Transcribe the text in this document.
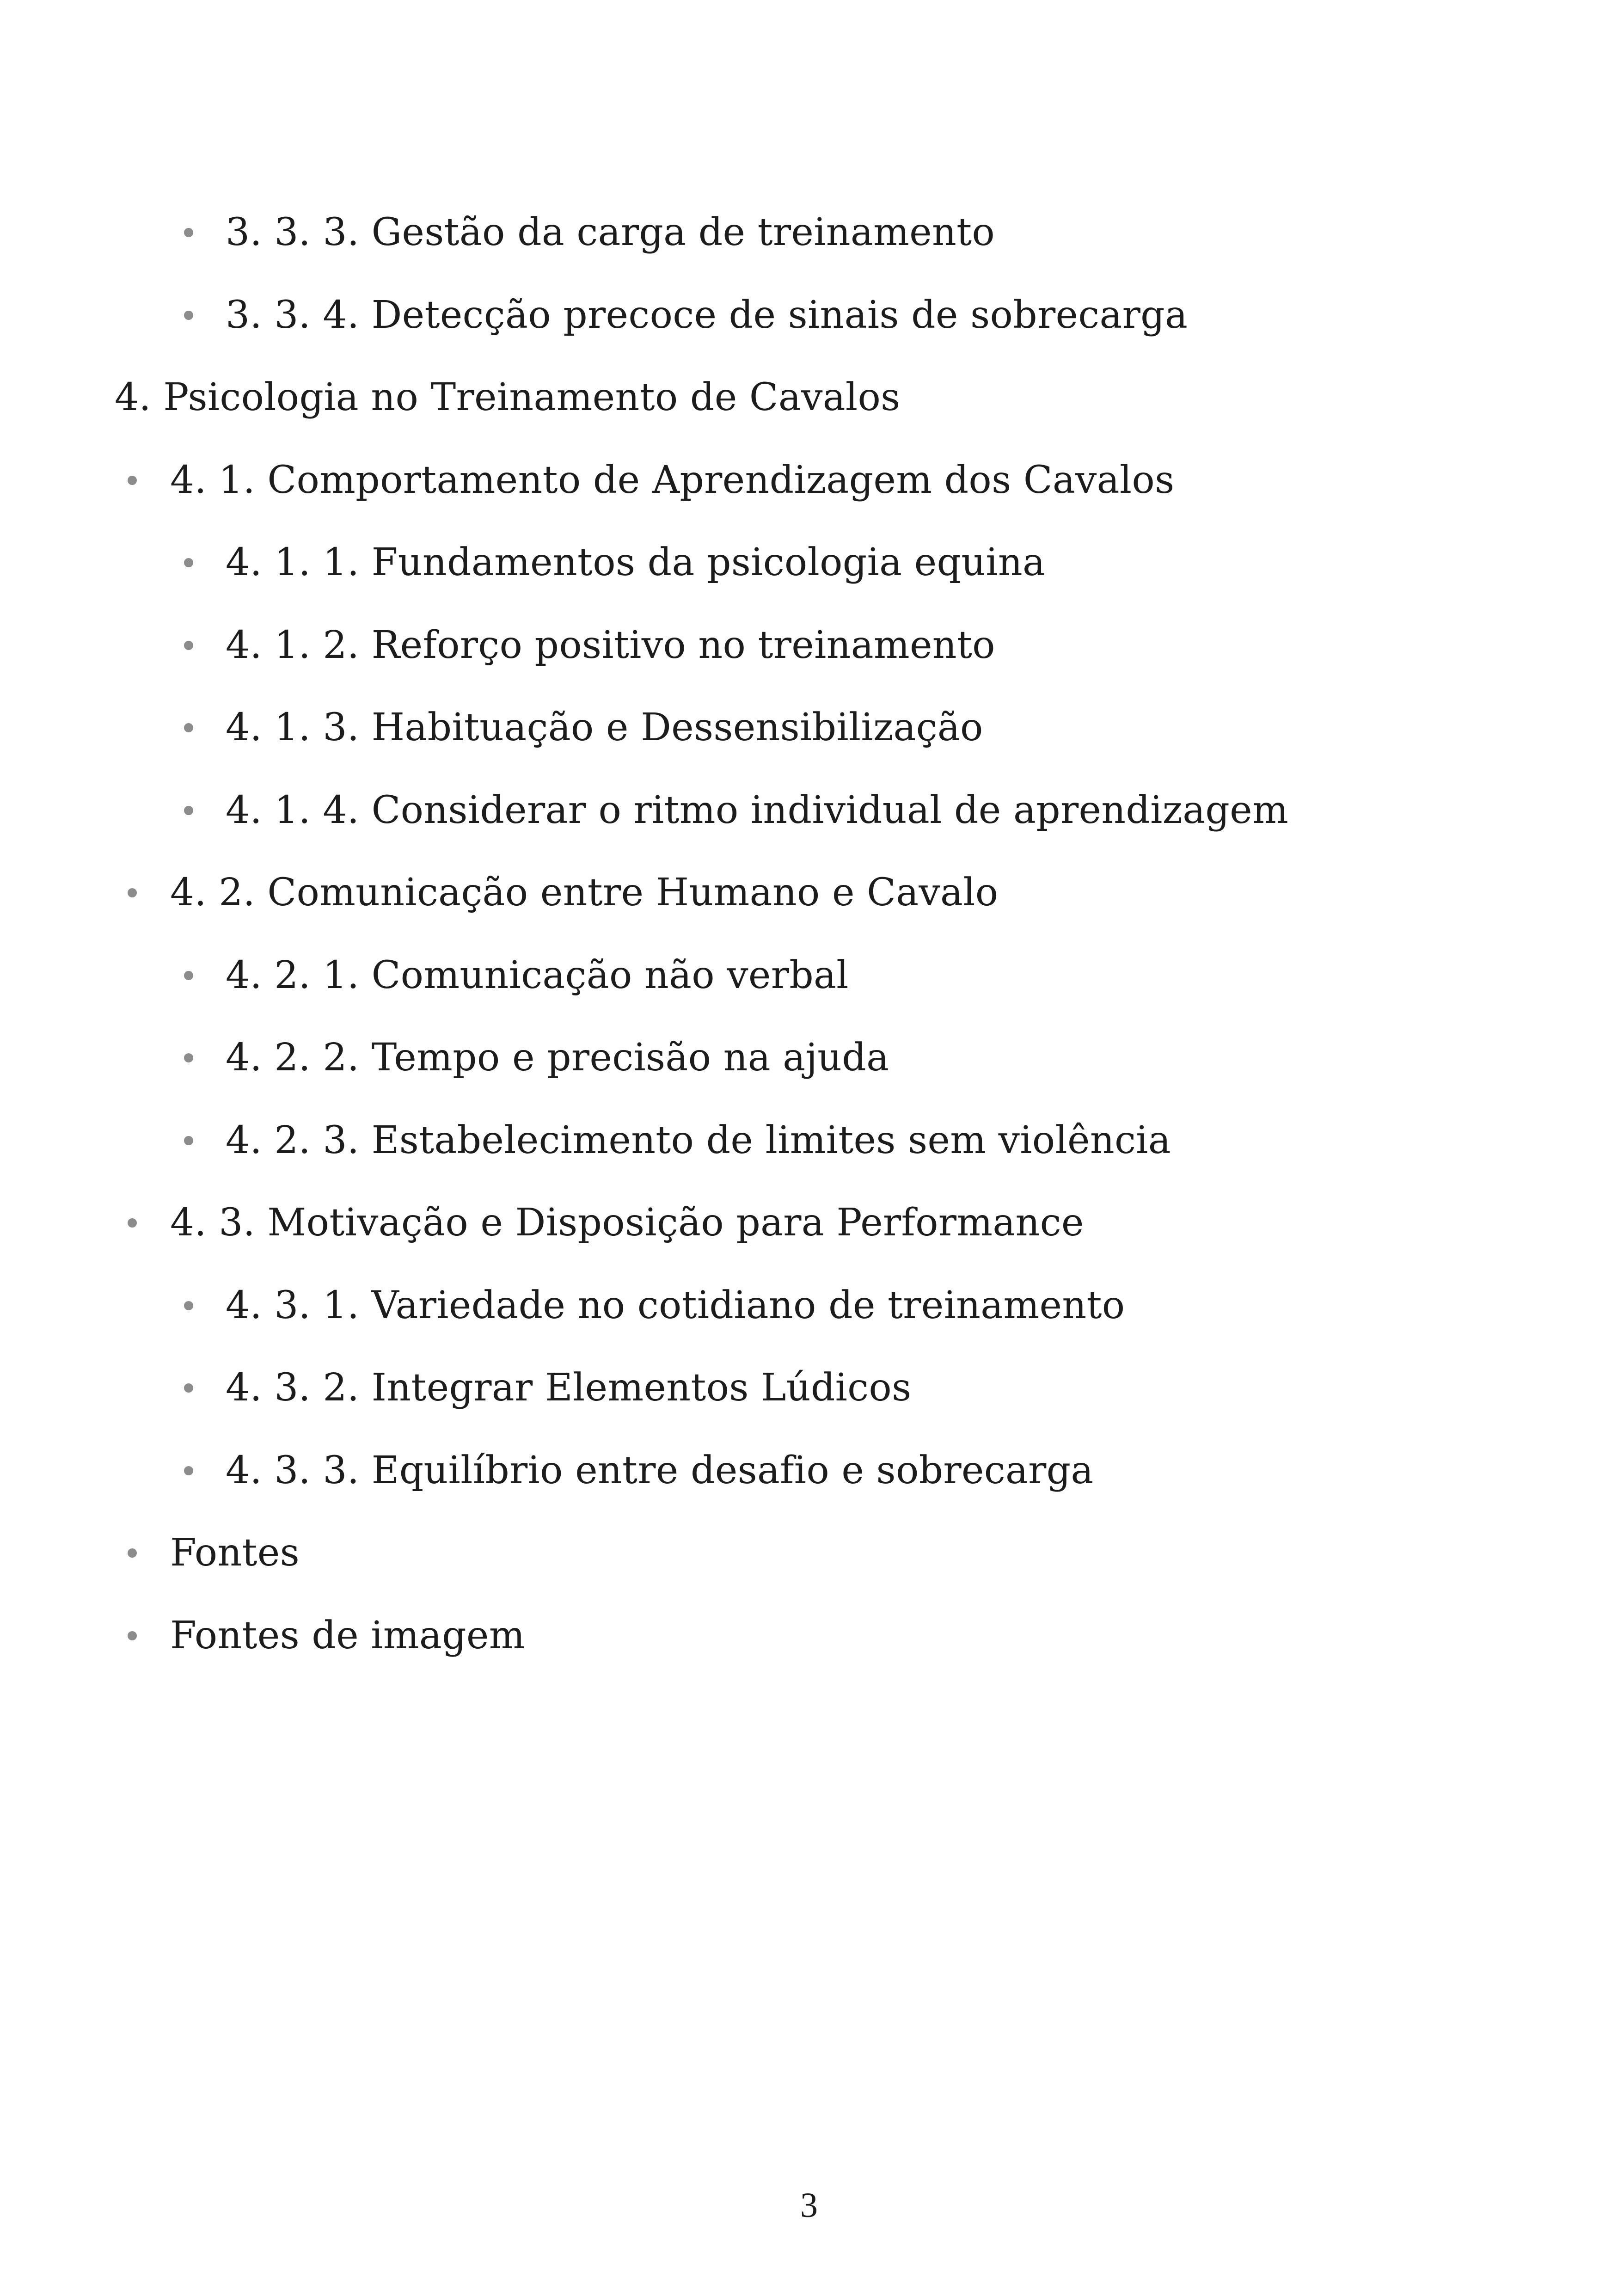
3. 3. 3. Gestão da carga de treinamento
3. 3. 4. Detecção precoce de sinais de sobrecarga
4. Psicologia no Treinamento de Cavalos
4. 1. Comportamento de Aprendizagem dos Cavalos
4. 1. 1. Fundamentos da psicologia equina
4. 1. 2. Reforço positivo no treinamento
4. 1. 3. Habituação e Dessensibilização
4. 1. 4. Considerar o ritmo individual de aprendizagem
4. 2. Comunicação entre Humano e Cavalo
4. 2. 1. Comunicação não verbal
4. 2. 2. Tempo e precisão na ajuda
4. 2. 3. Estabelecimento de limites sem violência
4. 3. Motivação e Disposição para Performance
4. 3. 1. Variedade no cotidiano de treinamento
4. 3. 2. Integrar Elementos Lúdicos
4. 3. 3. Equilíbrio entre desafio e sobrecarga
Fontes
Fontes de imagem
3
